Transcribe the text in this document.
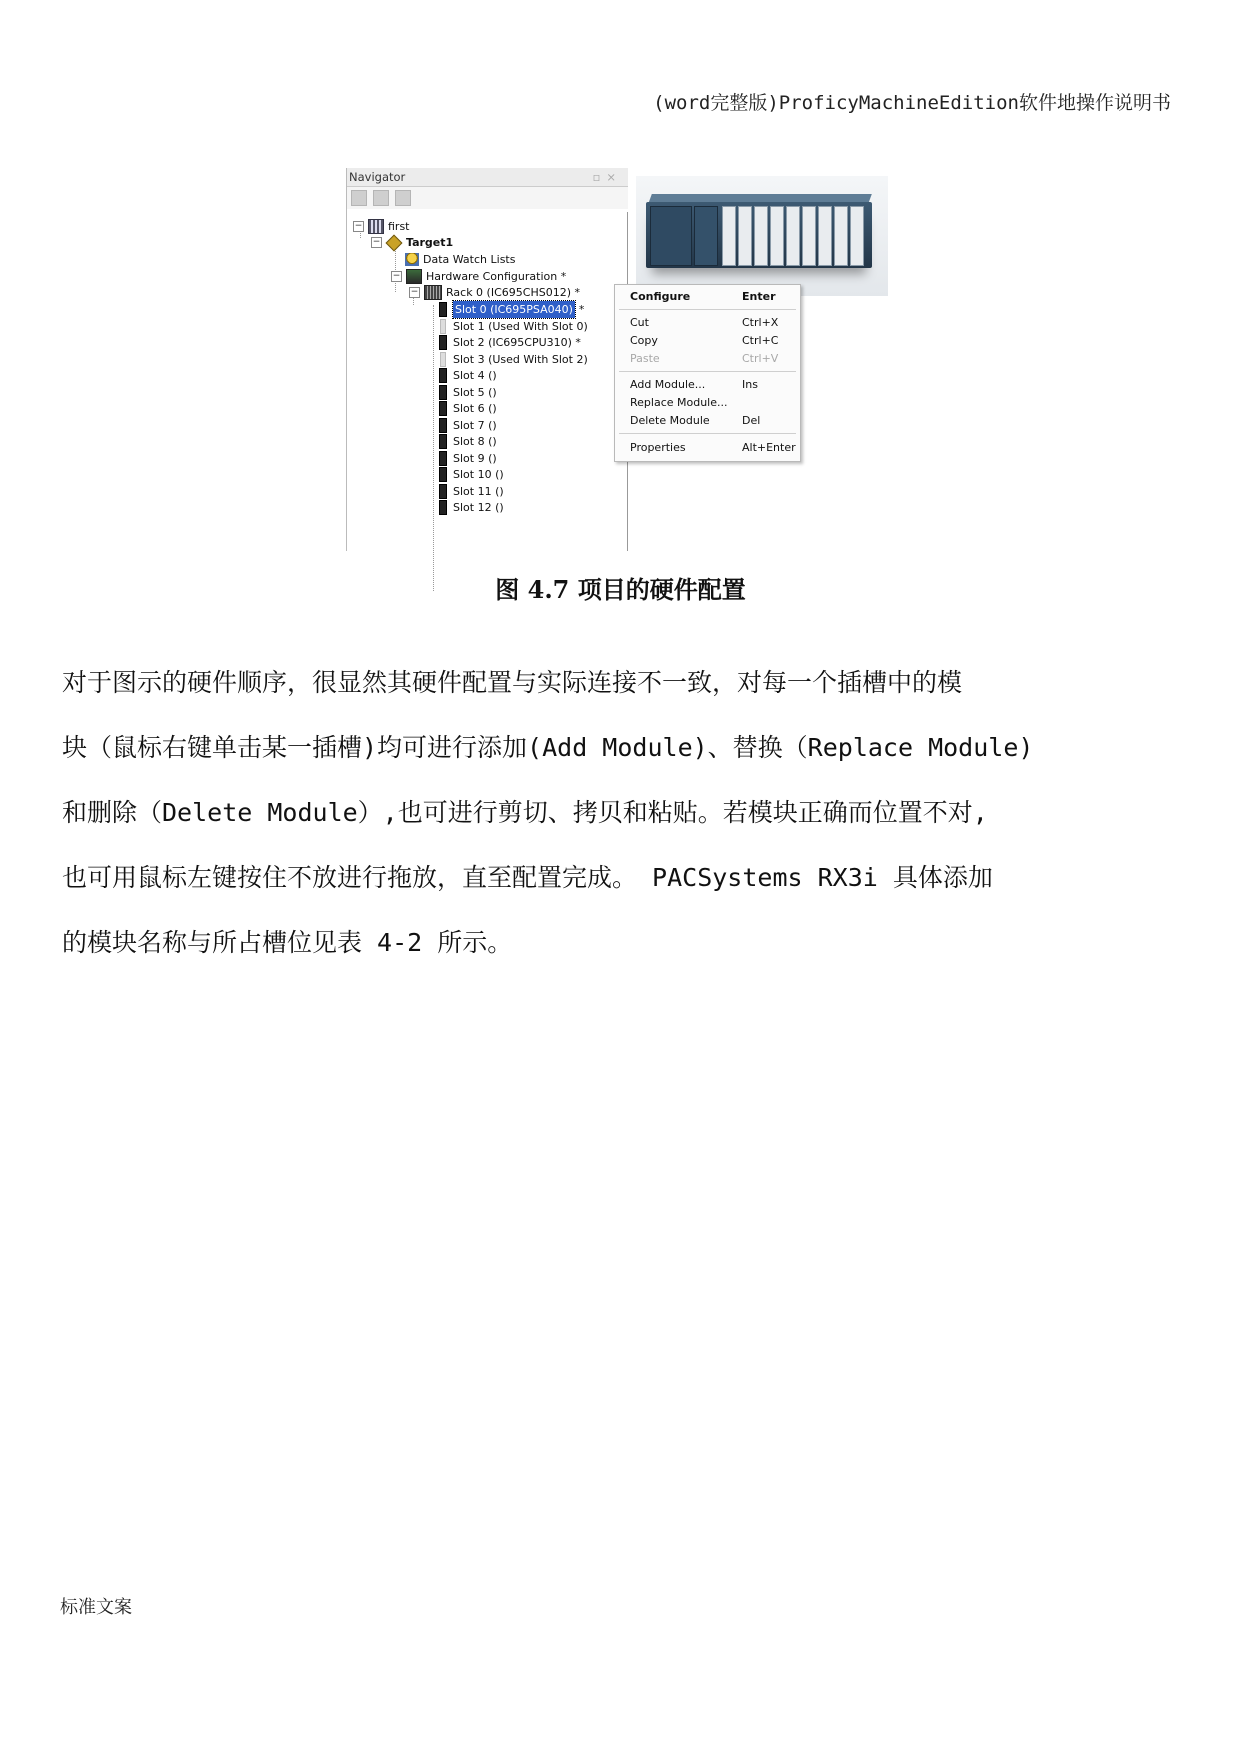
(word完整版)ProficyMachineEdition软件地操作说明书
Navigator	▫×
− first
− Target1
Data Watch Lists
− Hardware Configuration *
−	Rack 0 (IC695CHS012) *
Slot 0 (IC695PSA040) *
Slot 1 (Used With Slot 0)
Slot 2 (IC695CPU310) *
Slot 3 (Used With Slot 2)
Slot 4 ()
Slot 5 ()
Slot 6 ()
Slot 7 ()
Slot 8 ()
Slot 9 ()
Slot 10 ()
Slot 11 ()
Slot 12 ()
Configure	Enter
Cut	Ctrl+X
Copy	Ctrl+C
Paste	Ctrl+V
Add Module...	Ins
Replace Module...
Delete Module	Del
Properties	Alt+Enter
图 4.7 项目的硬件配置

对于图示的硬件顺序，很显然其硬件配置与实际连接不一致，对每一个插槽中的模

块（鼠标右键单击某一插槽)均可进行添加(Add Module)、替换（Replace Module)

和删除（Delete Module）,也可进行剪切、拷贝和粘贴。若模块正确而位置不对,

也可用鼠标左键按住不放进行拖放，直至配置完成。 PACSystems RX3i 具体添加

的模块名称与所占槽位见表 4-2 所示。

标准文案
